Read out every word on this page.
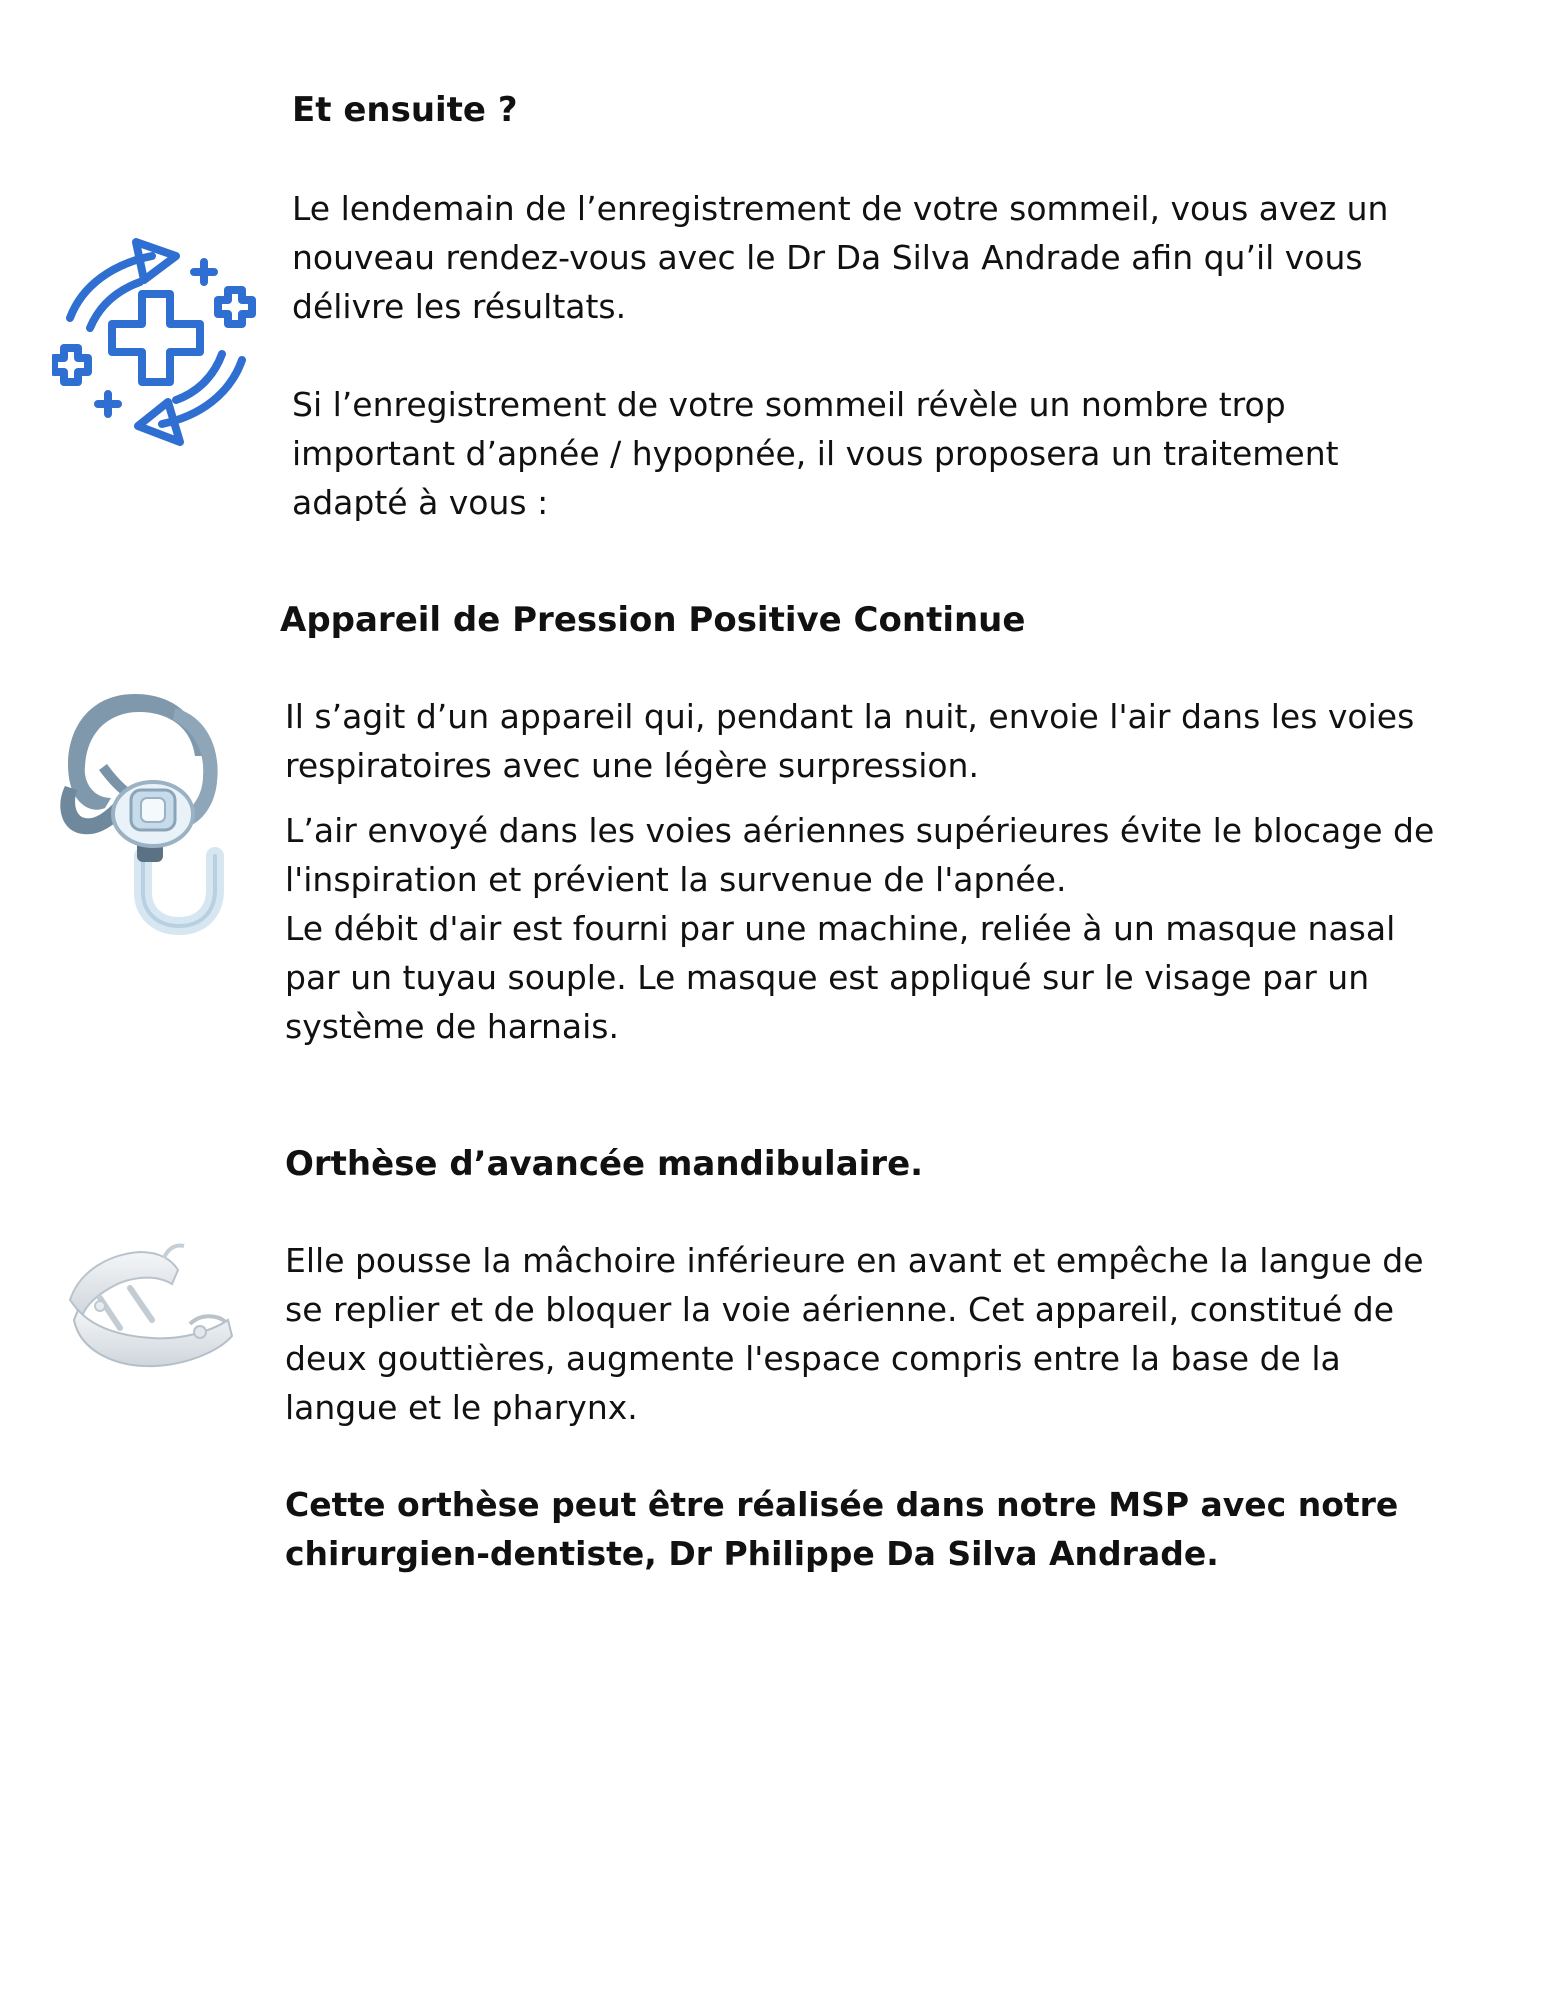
Et ensuite ?

Le lendemain de l’enregistrement de votre sommeil, vous avez un
nouveau rendez-vous avec le Dr Da Silva Andrade afin qu’il vous
délivre les résultats.

Si l’enregistrement de votre sommeil révèle un nombre trop
important d’apnée / hypopnée, il vous proposera un traitement
adapté à vous :

Appareil de Pression Positive Continue

Il s’agit d’un appareil qui, pendant la nuit, envoie l'air dans les voies
respiratoires avec une légère surpression.

L’air envoyé dans les voies aériennes supérieures évite le blocage de
l'inspiration et prévient la survenue de l'apnée.
Le débit d'air est fourni par une machine, reliée à un masque nasal
par un tuyau souple. Le masque est appliqué sur le visage par un
système de harnais.

Orthèse d’avancée mandibulaire.

Elle pousse la mâchoire inférieure en avant et empêche la langue de
se replier et de bloquer la voie aérienne. Cet appareil, constitué de
deux gouttières, augmente l'espace compris entre la base de la
langue et le pharynx.

Cette orthèse peut être réalisée dans notre MSP avec notre
chirurgien-dentiste, Dr Philippe Da Silva Andrade.
